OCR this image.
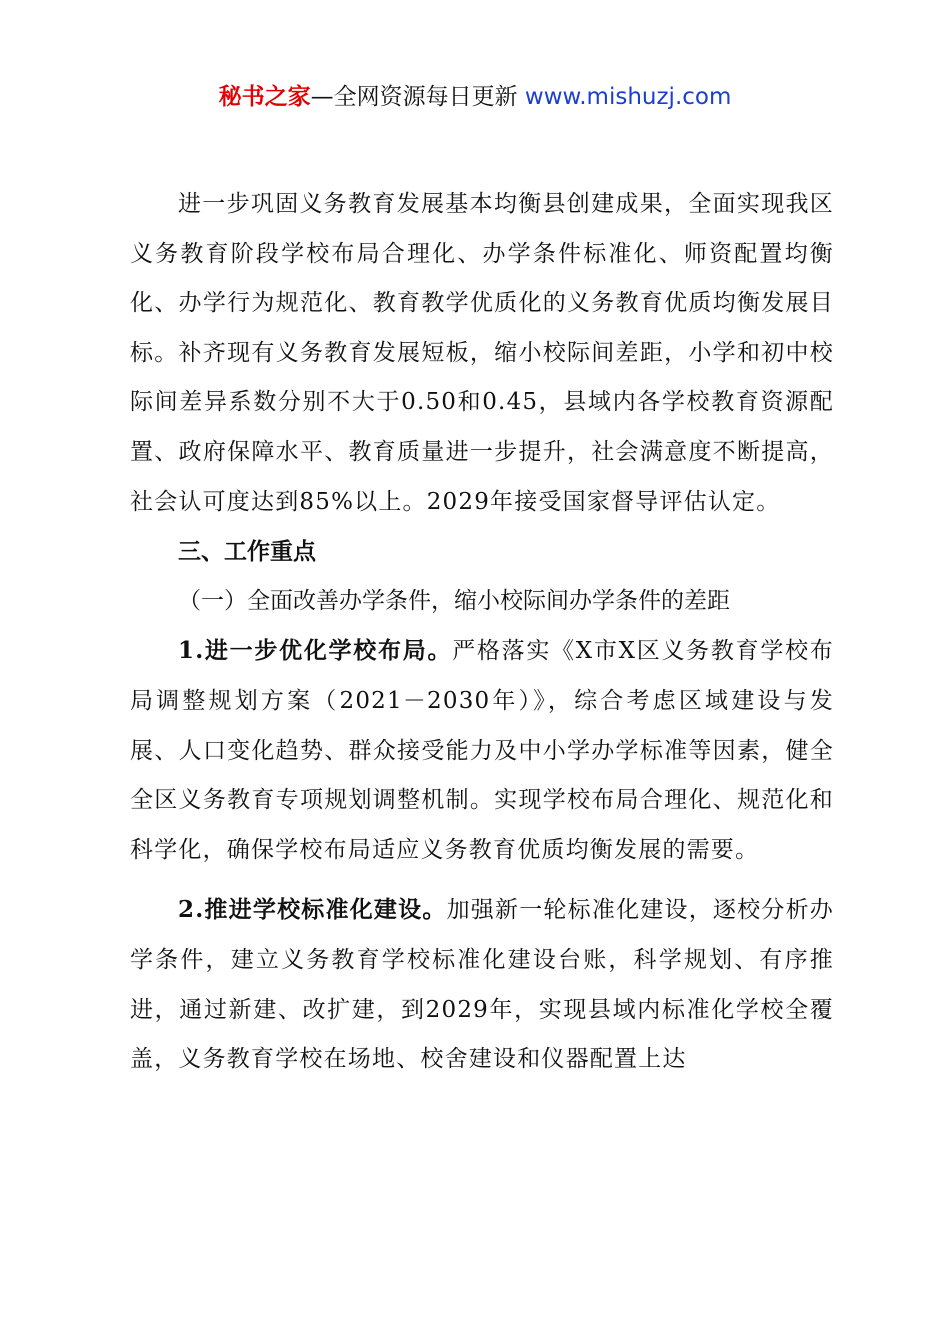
秘书之家—全网资源每日更新 www.mishuzj.com

进一步巩固义务教育发展基本均衡县创建成果，全面实现我区义务教育阶段学校布局合理化、办学条件标准化、师资配置均衡化、办学行为规范化、教育教学优质化的义务教育优质均衡发展目标。补齐现有义务教育发展短板，缩小校际间差距，小学和初中校际间差异系数分别不大于0.50和0.45，县域内各学校教育资源配置、政府保障水平、教育质量进一步提升，社会满意度不断提高，社会认可度达到85%以上。2029年接受国家督导评估认定。

三、工作重点

（一）全面改善办学条件，缩小校际间办学条件的差距

1.进一步优化学校布局。严格落实《X市X区义务教育学校布局调整规划方案（2021－2030年）》，综合考虑区域建设与发展、人口变化趋势、群众接受能力及中小学办学标准等因素，健全全区义务教育专项规划调整机制。实现学校布局合理化、规范化和科学化，确保学校布局适应义务教育优质均衡发展的需要。

2.推进学校标准化建设。加强新一轮标准化建设，逐校分析办学条件，建立义务教育学校标准化建设台账，科学规划、有序推进，通过新建、改扩建，到2029年，实现县域内标准化学校全覆盖，义务教育学校在场地、校舍建设和仪器配置上达
